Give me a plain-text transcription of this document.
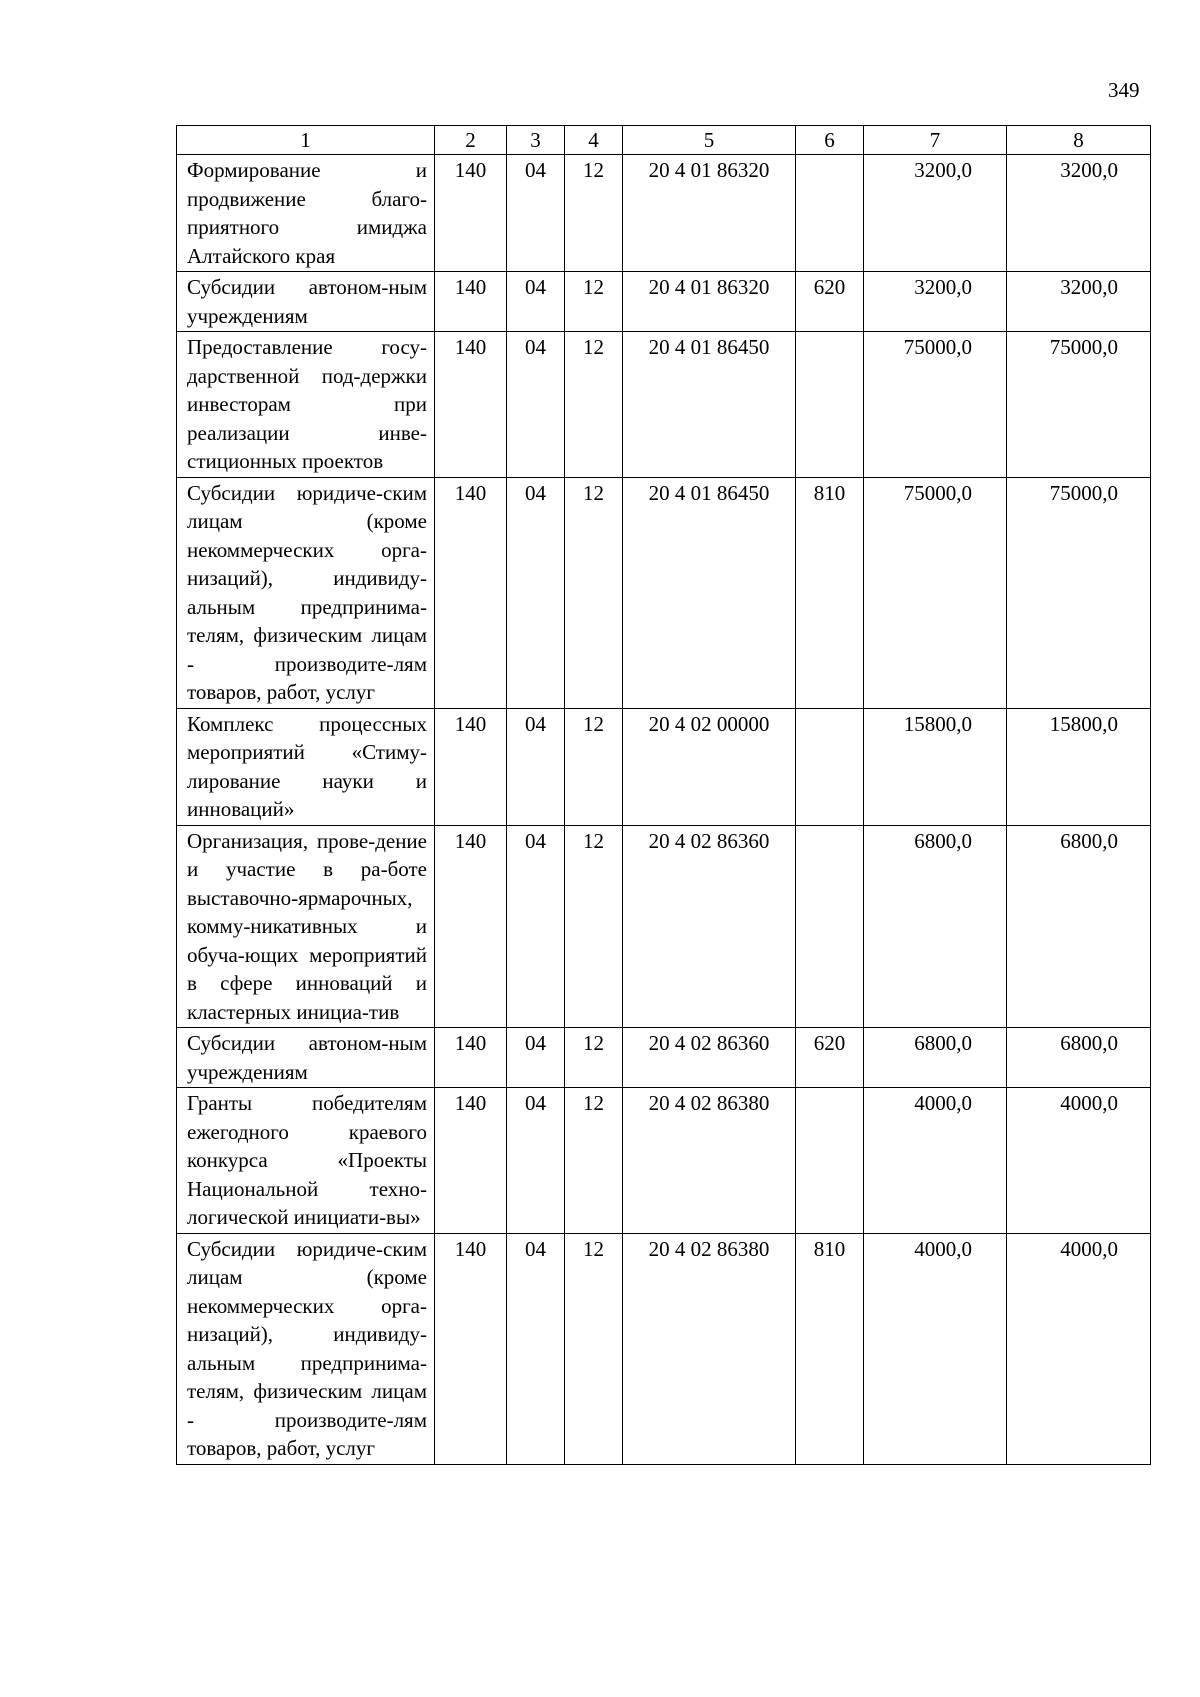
349
1	2	3	4	5	6	7	8
Формирование и продвижение благо-приятного имиджа Алтайского края	140	04	12	20 4 01 86320		3200,0	3200,0
Субсидии автоном-ным учреждениям	140	04	12	20 4 01 86320	620	3200,0	3200,0
Предоставление госу-дарственной под-держки инвесторам при реализации инве-стиционных проектов	140	04	12	20 4 01 86450		75000,0	75000,0
Субсидии юридиче-ским лицам (кроме некоммерческих орга-низаций), индивиду-альным предпринима-телям, физическим лицам - производите-лям товаров, работ, услуг	140	04	12	20 4 01 86450	810	75000,0	75000,0
Комплекс процессных мероприятий «Стиму-лирование науки и инноваций»	140	04	12	20 4 02 00000		15800,0	15800,0
Организация, прове-дение и участие в ра-боте выставочно-ярмарочных, комму-никативных и обуча-ющих мероприятий в сфере инноваций и кластерных инициа-тив	140	04	12	20 4 02 86360		6800,0	6800,0
Субсидии автоном-ным учреждениям	140	04	12	20 4 02 86360	620	6800,0	6800,0
Гранты победителям ежегодного краевого конкурса «Проекты Национальной техно-логической инициати-вы»	140	04	12	20 4 02 86380		4000,0	4000,0
Субсидии юридиче-ским лицам (кроме некоммерческих орга-низаций), индивиду-альным предпринима-телям, физическим лицам - производите-лям товаров, работ, услуг	140	04	12	20 4 02 86380	810	4000,0	4000,0
